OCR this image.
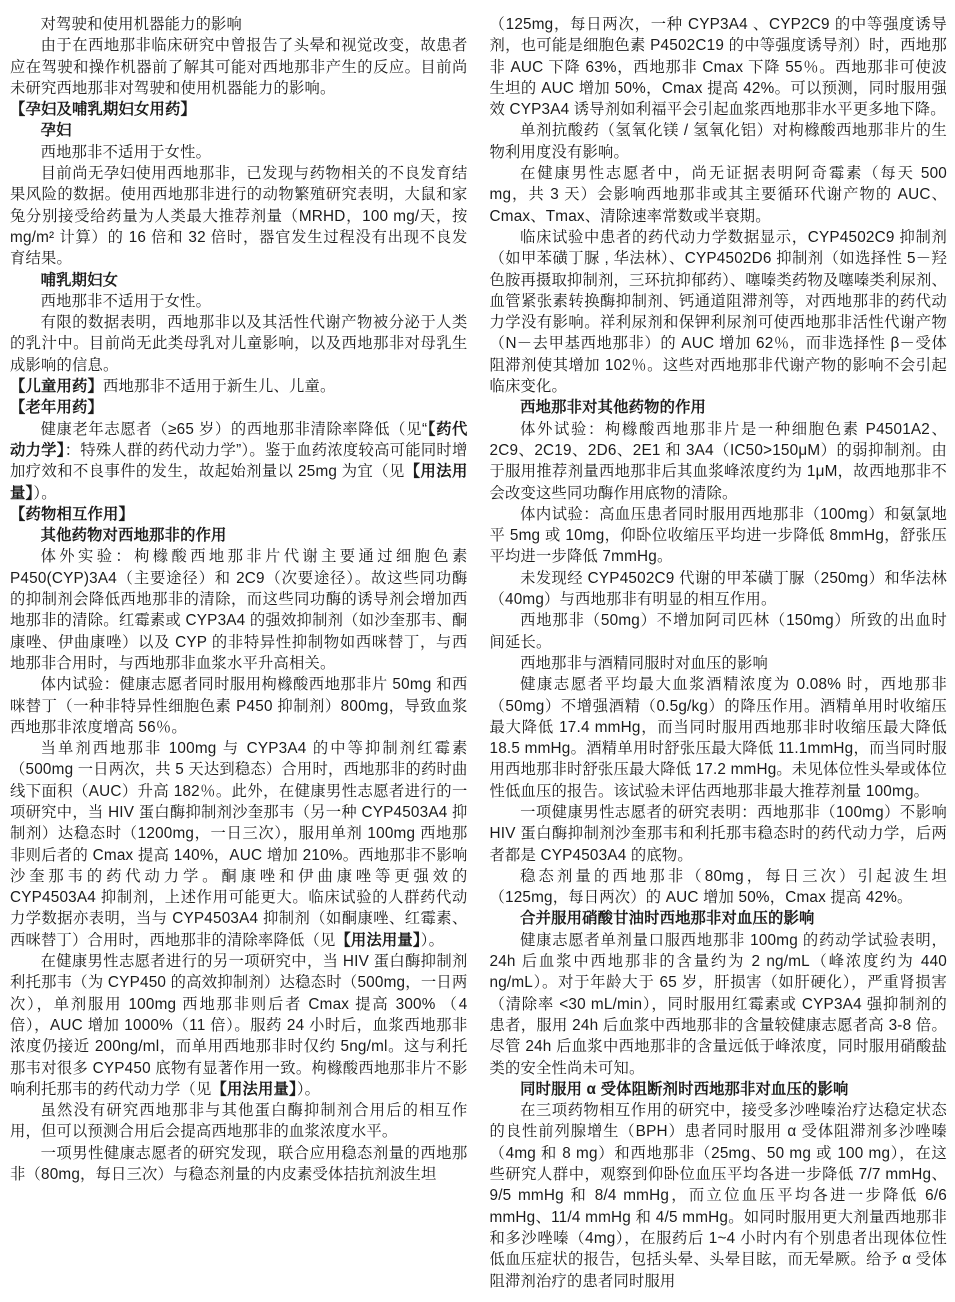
对驾驶和使用机器能力的影响
由于在西地那非临床研究中曾报告了头晕和视觉改变，故患者应在驾驶和操作机器前了解其可能对西地那非产生的反应。目前尚未研究西地那非对驾驶和使用机器能力的影响。
【孕妇及哺乳期妇女用药】
孕妇
西地那非不适用于女性。
目前尚无孕妇使用西地那非，已发现与药物相关的不良发育结果风险的数据。使用西地那非进行的动物繁殖研究表明，大鼠和家兔分别接受给药量为人类最大推荐剂量（MRHD，100 mg/天，按mg/m² 计算）的 16 倍和 32 倍时，器官发生过程没有出现不良发育结果。
哺乳期妇女
西地那非不适用于女性。
有限的数据表明，西地那非以及其活性代谢产物被分泌于人类的乳汁中。目前尚无此类母乳对儿童影响，以及西地那非对母乳生成影响的信息。
【儿童用药】西地那非不适用于新生儿、儿童。
【老年用药】
健康老年志愿者（≥65 岁）的西地那非清除率降低（见“【药代动力学】：特殊人群的药代动力学”）。鉴于血药浓度较高可能同时增加疗效和不良事件的发生，故起始剂量以 25mg 为宜（见【用法用量】）。
【药物相互作用】
其他药物对西地那非的作用
体外实验：枸橼酸西地那非片代谢主要通过细胞色素P450(CYP)3A4（主要途径）和 2C9（次要途径）。故这些同功酶的抑制剂会降低西地那非的清除，而这些同功酶的诱导剂会增加西地那非的清除。红霉素或 CYP3A4 的强效抑制剂（如沙奎那韦、酮康唑、伊曲康唑）以及 CYP 的非特异性抑制物如西咪替丁，与西地那非合用时，与西地那非血浆水平升高相关。
体内试验：健康志愿者同时服用枸橼酸西地那非片 50mg 和西咪替丁（一种非特异性细胞色素 P450 抑制剂）800mg，导致血浆西地那非浓度增高 56％。
当单剂西地那非 100mg 与 CYP3A4 的中等抑制剂红霉素（500mg 一日两次，共 5 天达到稳态）合用时，西地那非的药时曲线下面积（AUC）升高 182％。此外，在健康男性志愿者进行的一项研究中，当 HIV 蛋白酶抑制剂沙奎那韦（另一种 CYP4503A4 抑制剂）达稳态时（1200mg，一日三次），服用单剂 100mg 西地那非则后者的 Cmax 提高 140%，AUC 增加 210%。西地那非不影响沙奎那韦的药代动力学。酮康唑和伊曲康唑等更强效的 CYP4503A4 抑制剂，上述作用可能更大。临床试验的人群药代动力学数据亦表明，当与 CYP4503A4 抑制剂（如酮康唑、红霉素、西咪替丁）合用时，西地那非的清除率降低（见【用法用量】）。
在健康男性志愿者进行的另一项研究中，当 HIV 蛋白酶抑制剂利托那韦（为 CYP450 的高效抑制剂）达稳态时（500mg，一日两次），单剂服用 100mg 西地那非则后者 Cmax 提高 300% （4 倍），AUC 增加 1000%（11 倍）。服药 24 小时后，血浆西地那非浓度仍接近 200ng/ml，而单用西地那非时仅约 5ng/ml。这与利托那韦对很多 CYP450 底物有显著作用一致。枸橼酸西地那非片不影响利托那韦的药代动力学（见【用法用量】）。
虽然没有研究西地那非与其他蛋白酶抑制剂合用后的相互作用，但可以预测合用后会提高西地那非的血浆浓度水平。
一项男性健康志愿者的研究发现，联合应用稳态剂量的西地那非（80mg，每日三次）与稳态剂量的内皮素受体拮抗剂波生坦
（125mg，每日两次，一种 CYP3A4 、CYP2C9 的中等强度诱导剂，也可能是细胞色素 P4502C19 的中等强度诱导剂）时，西地那非 AUC 下降 63%，西地那非 Cmax 下降 55％。西地那非可使波生坦的 AUC 增加 50%，Cmax 提高 42%。可以预测，同时服用强效 CYP3A4 诱导剂如利福平会引起血浆西地那非水平更多地下降。
单剂抗酸药（氢氧化镁 / 氢氧化铝）对枸橼酸西地那非片的生物利用度没有影响。
在健康男性志愿者中，尚无证据表明阿奇霉素（每天 500 mg，共 3 天）会影响西地那非或其主要循环代谢产物的 AUC、Cmax、Tmax、清除速率常数或半衰期。
临床试验中患者的药代动力学数据显示，CYP4502C9 抑制剂（如甲苯磺丁脲 , 华法林）、CYP4502D6 抑制剂（如选择性 5－羟色胺再摄取抑制剂，三环抗抑郁药）、噻嗪类药物及噻嗪类利尿剂、血管紧张素转换酶抑制剂、钙通道阻滞剂等，对西地那非的药代动力学没有影响。祥利尿剂和保钾利尿剂可使西地那非活性代谢产物（N－去甲基西地那非）的 AUC 增加 62％，而非选择性 β－受体阻滞剂使其增加 102％。这些对西地那非代谢产物的影响不会引起临床变化。
西地那非对其他药物的作用
体外试验：枸橼酸西地那非片是一种细胞色素 P4501A2、2C9、2C19、2D6、2E1 和 3A4（IC50>150μM）的弱抑制剂。由于服用推荐剂量西地那非后其血浆峰浓度约为 1μM，故西地那非不会改变这些同功酶作用底物的清除。
体内试验：高血压患者同时服用西地那非（100mg）和氨氯地平 5mg 或 10mg，仰卧位收缩压平均进一步降低 8mmHg，舒张压平均进一步降低 7mmHg。
未发现经 CYP4502C9 代谢的甲苯磺丁脲（250mg）和华法林（40mg）与西地那非有明显的相互作用。
西地那非（50mg）不增加阿司匹林（150mg）所致的出血时间延长。
西地那非与酒精同服时对血压的影响
健康志愿者平均最大血浆酒精浓度为 0.08% 时，西地那非（50mg）不增强酒精（0.5g/kg）的降压作用。酒精单用时收缩压最大降低 17.4 mmHg，而当同时服用西地那非时收缩压最大降低 18.5 mmHg。酒精单用时舒张压最大降低 11.1mmHg，而当同时服用西地那非时舒张压最大降低 17.2 mmHg。未见体位性头晕或体位性低血压的报告。该试验未评估西地那非最大推荐剂量 100mg。
一项健康男性志愿者的研究表明：西地那非（100mg）不影响 HIV 蛋白酶抑制剂沙奎那韦和利托那韦稳态时的药代动力学，后两者都是 CYP4503A4 的底物。
稳态剂量的西地那非（80mg，每日三次）引起波生坦（125mg，每日两次）的 AUC 增加 50%，Cmax 提高 42%。
合并服用硝酸甘油时西地那非对血压的影响
健康志愿者单剂量口服西地那非 100mg 的药动学试验表明，24h 后血浆中西地那非的含量约为 2 ng/mL（峰浓度约为 440 ng/mL）。对于年龄大于 65 岁，肝损害（如肝硬化），严重肾损害（清除率 <30 mL/min），同时服用红霉素或 CYP3A4 强抑制剂的患者，服用 24h 后血浆中西地那非的含量较健康志愿者高 3-8 倍。尽管 24h 后血浆中西地那非的含量远低于峰浓度，同时服用硝酸盐类的安全性尚未可知。
同时服用 α 受体阻断剂时西地那非对血压的影响
在三项药物相互作用的研究中，接受多沙唑嗪治疗达稳定状态的良性前列腺增生（BPH）患者同时服用 α 受体阻滞剂多沙唑嗪（4mg 和 8 mg）和西地那非（25mg、50 mg 或 100 mg），在这些研究人群中，观察到仰卧位血压平均各进一步降低 7/7 mmHg、9/5 mmHg 和 8/4 mmHg，而立位血压平均各进一步降低 6/6 mmHg、11/4 mmHg 和 4/5 mmHg。如同时服用更大剂量西地那非和多沙唑嗪（4mg），在服药后 1~4 小时内有个别患者出现体位性低血压症状的报告，包括头晕、头晕目眩，而无晕厥。给予 α 受体阻滞剂治疗的患者同时服用
